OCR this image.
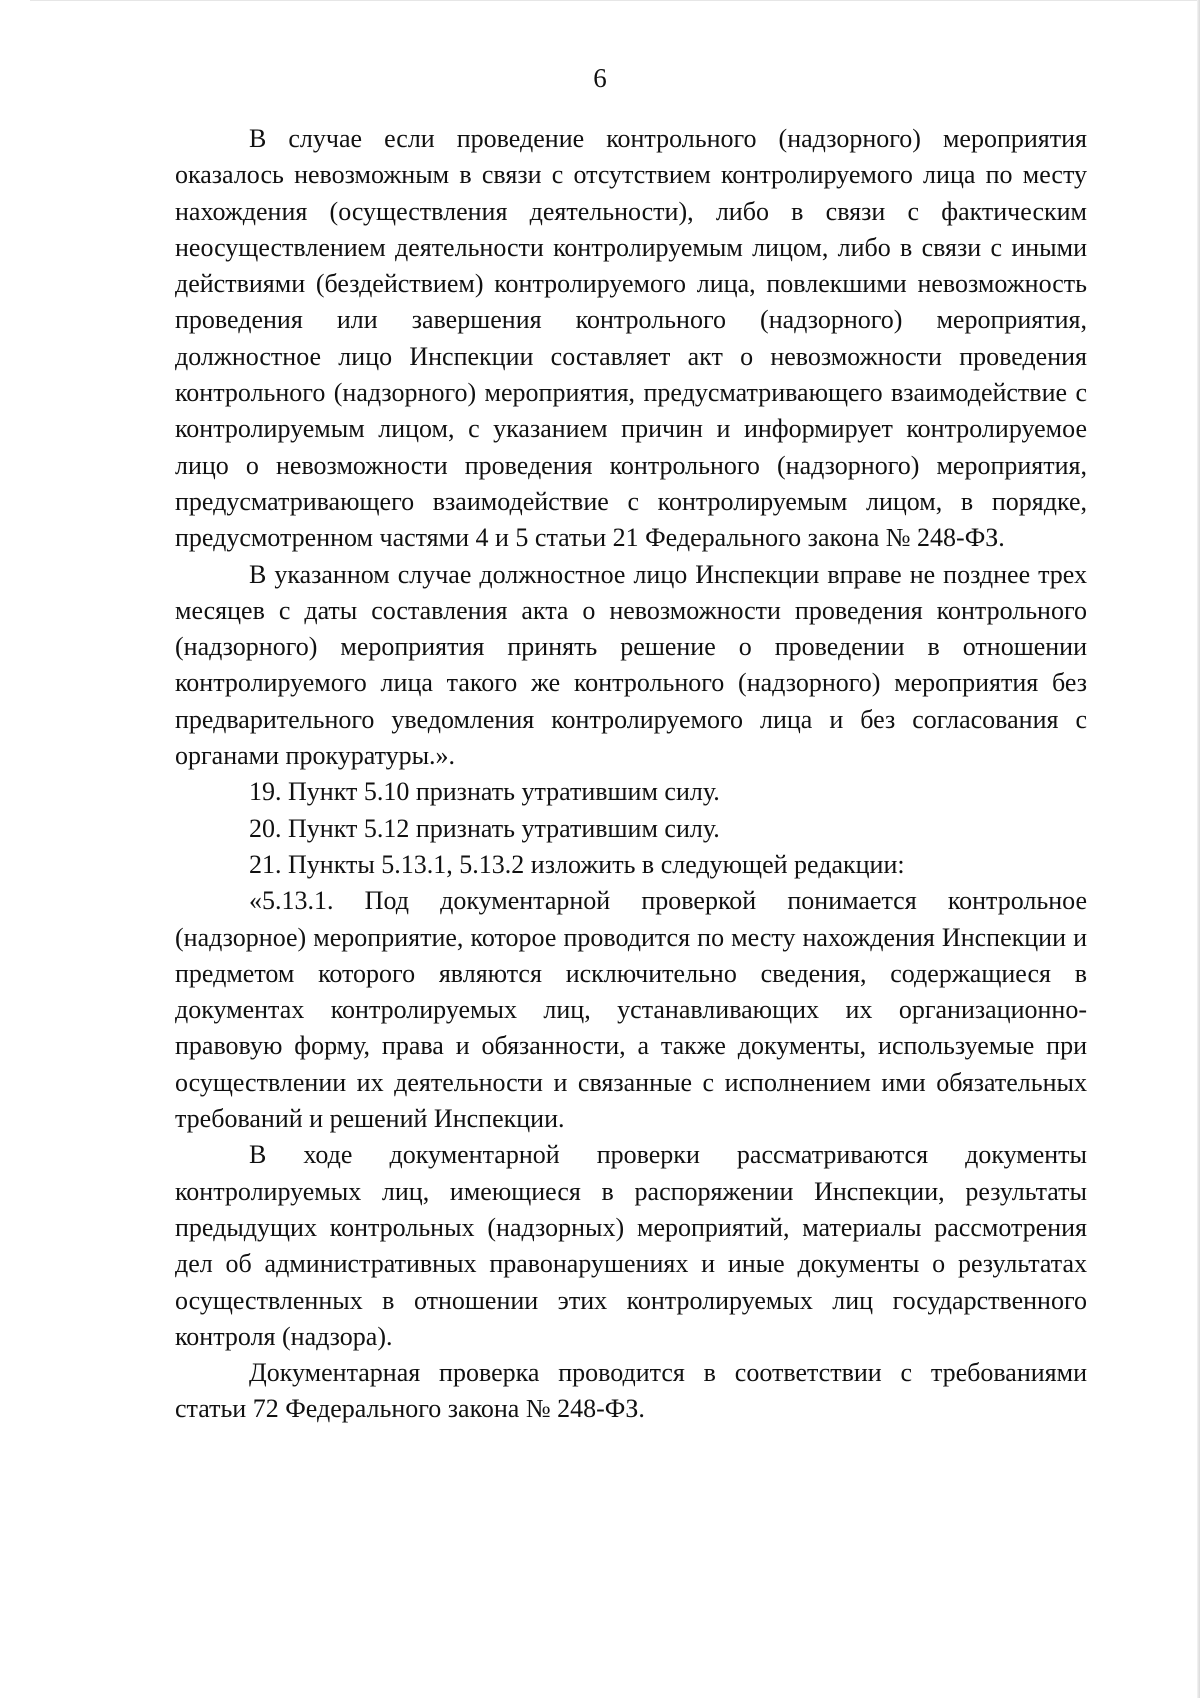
6

В случае если проведение контрольного (надзорного) мероприятия оказалось невозможным в связи с отсутствием контролируемого лица по месту нахождения (осуществления деятельности), либо в связи с фактическим неосуществлением деятельности контролируемым лицом, либо в связи с иными действиями (бездействием) контролируемого лица, повлекшими невозможность проведения или завершения контрольного (надзорного) мероприятия, должностное лицо Инспекции составляет акт о невозможности проведения контрольного (надзорного) мероприятия, предусматривающего взаимодействие с контролируемым лицом, с указанием причин и информирует контролируемое лицо о невозможности проведения контрольного (надзорного) мероприятия, предусматривающего взаимодействие с контролируемым лицом, в порядке, предусмотренном частями 4 и 5 статьи 21 Федерального закона № 248-ФЗ.

В указанном случае должностное лицо Инспекции вправе не позднее трех месяцев с даты составления акта о невозможности проведения контрольного (надзорного) мероприятия принять решение о проведении в отношении контролируемого лица такого же контрольного (надзорного) мероприятия без предварительного уведомления контролируемого лица и без согласования с органами прокуратуры.».

19. Пункт 5.10 признать утратившим силу.

20. Пункт 5.12 признать утратившим силу.

21. Пункты 5.13.1, 5.13.2 изложить в следующей редакции:

«5.13.1. Под документарной проверкой понимается контрольное (надзорное) мероприятие, которое проводится по месту нахождения Инспекции и предметом которого являются исключительно сведения, содержащиеся в документах контролируемых лиц, устанавливающих их организационно-правовую форму, права и обязанности, а также документы, используемые при осуществлении их деятельности и связанные с исполнением ими обязательных требований и решений Инспекции.

В ходе документарной проверки рассматриваются документы контролируемых лиц, имеющиеся в распоряжении Инспекции, результаты предыдущих контрольных (надзорных) мероприятий, материалы рассмотрения дел об административных правонарушениях и иные документы о результатах осуществленных в отношении этих контролируемых лиц государственного контроля (надзора).

Документарная проверка проводится в соответствии с требованиями статьи 72 Федерального закона № 248-ФЗ.
